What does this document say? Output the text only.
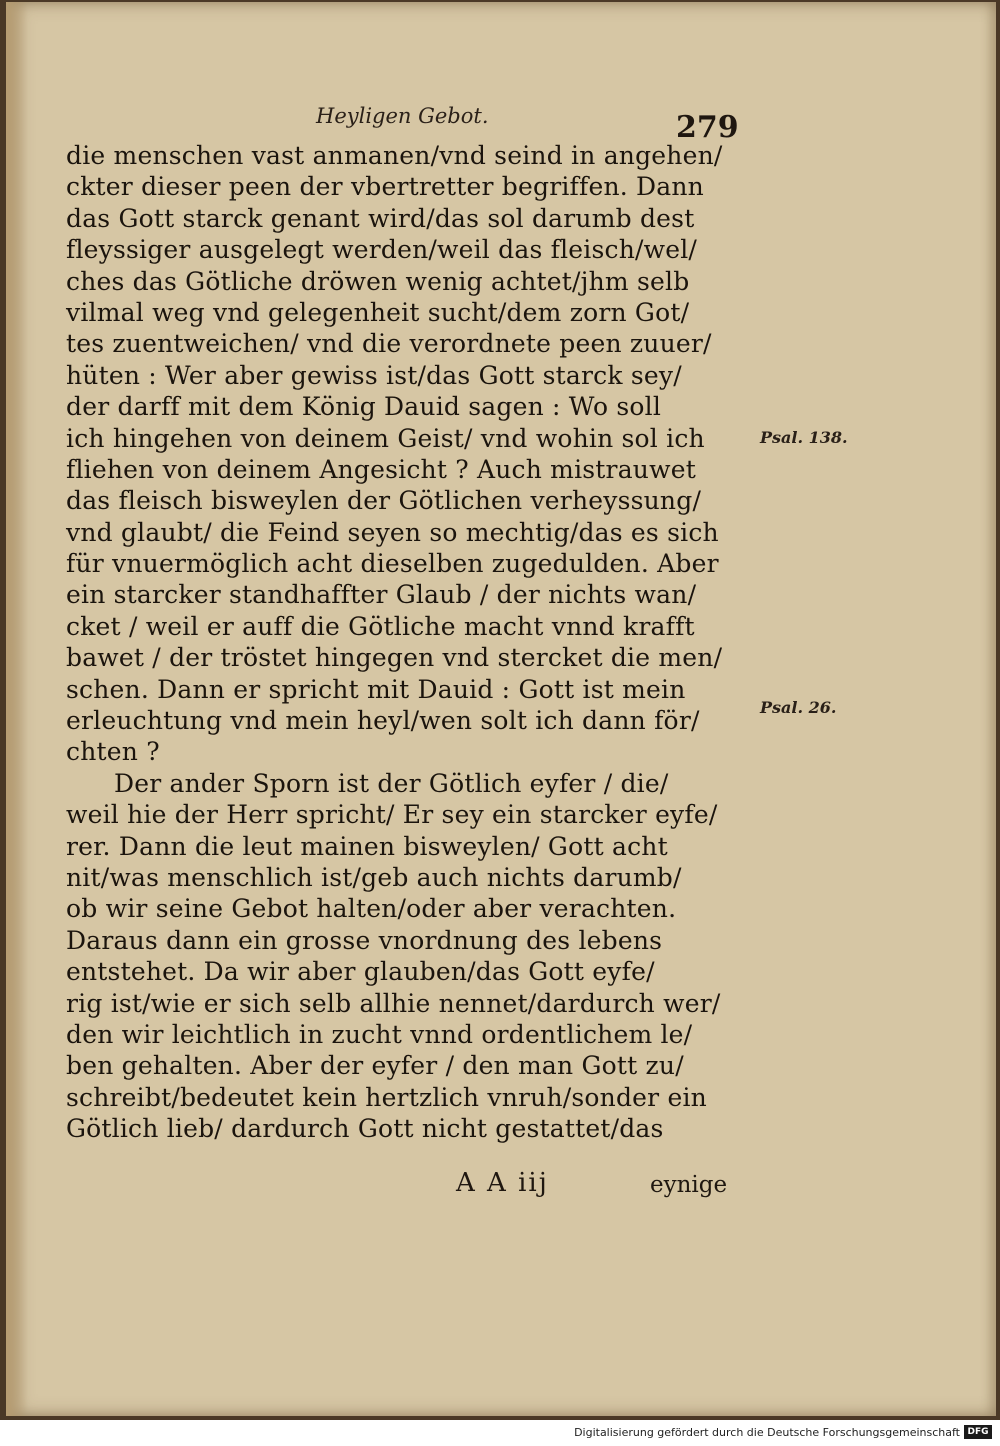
Heyligen Gebot.	279
die menschen vast anmanen/vnd seind in angehen/
ckter dieser peen der vbertretter begriffen. Dann
das Gott starck genant wird/das sol darumb dest
fleyssiger ausgelegt werden/weil das fleisch/wel/
ches das Götliche dröwen wenig achtet/jhm selb
vilmal weg vnd gelegenheit sucht/dem zorn Got/
tes zuentweichen/ vnd die verordnete peen zuuer/
hüten : Wer aber gewiss ist/das Gott starck sey/
der darff mit dem König Dauid sagen : Wo soll
ich hingehen von deinem Geist/ vnd wohin sol ich
fliehen von deinem Angesicht ? Auch mistrauwet
das fleisch bisweylen der Götlichen verheyssung/
vnd glaubt/ die Feind seyen so mechtig/das es sich
für vnuermöglich acht dieselben zugedulden. Aber
ein starcker standhaffter Glaub / der nichts wan/
cket / weil er auff die Götliche macht vnnd krafft
bawet / der tröstet hingegen vnd stercket die men/
schen. Dann er spricht mit Dauid : Gott ist mein
erleuchtung vnd mein heyl/wen solt ich dann för/
chten ?
Der ander Sporn ist der Götlich eyfer / die/
weil hie der Herr spricht/ Er sey ein starcker eyfe/
rer. Dann die leut mainen bisweylen/ Gott acht
nit/was menschlich ist/geb auch nichts darumb/
ob wir seine Gebot halten/oder aber verachten.
Daraus dann ein grosse vnordnung des lebens
entstehet. Da wir aber glauben/das Gott eyfe/
rig ist/wie er sich selb allhie nennet/dardurch wer/
den wir leichtlich in zucht vnnd ordentlichem le/
ben gehalten. Aber der eyfer / den man Gott zu/
schreibt/bedeutet kein hertzlich vnruh/sonder ein
Götlich lieb/ dardurch Gott nicht gestattet/das
Psal. 138.
Psal. 26.
A A iij	eynige
Digitalisierung gefördert durch die Deutsche Forschungsgemeinschaft DFG
